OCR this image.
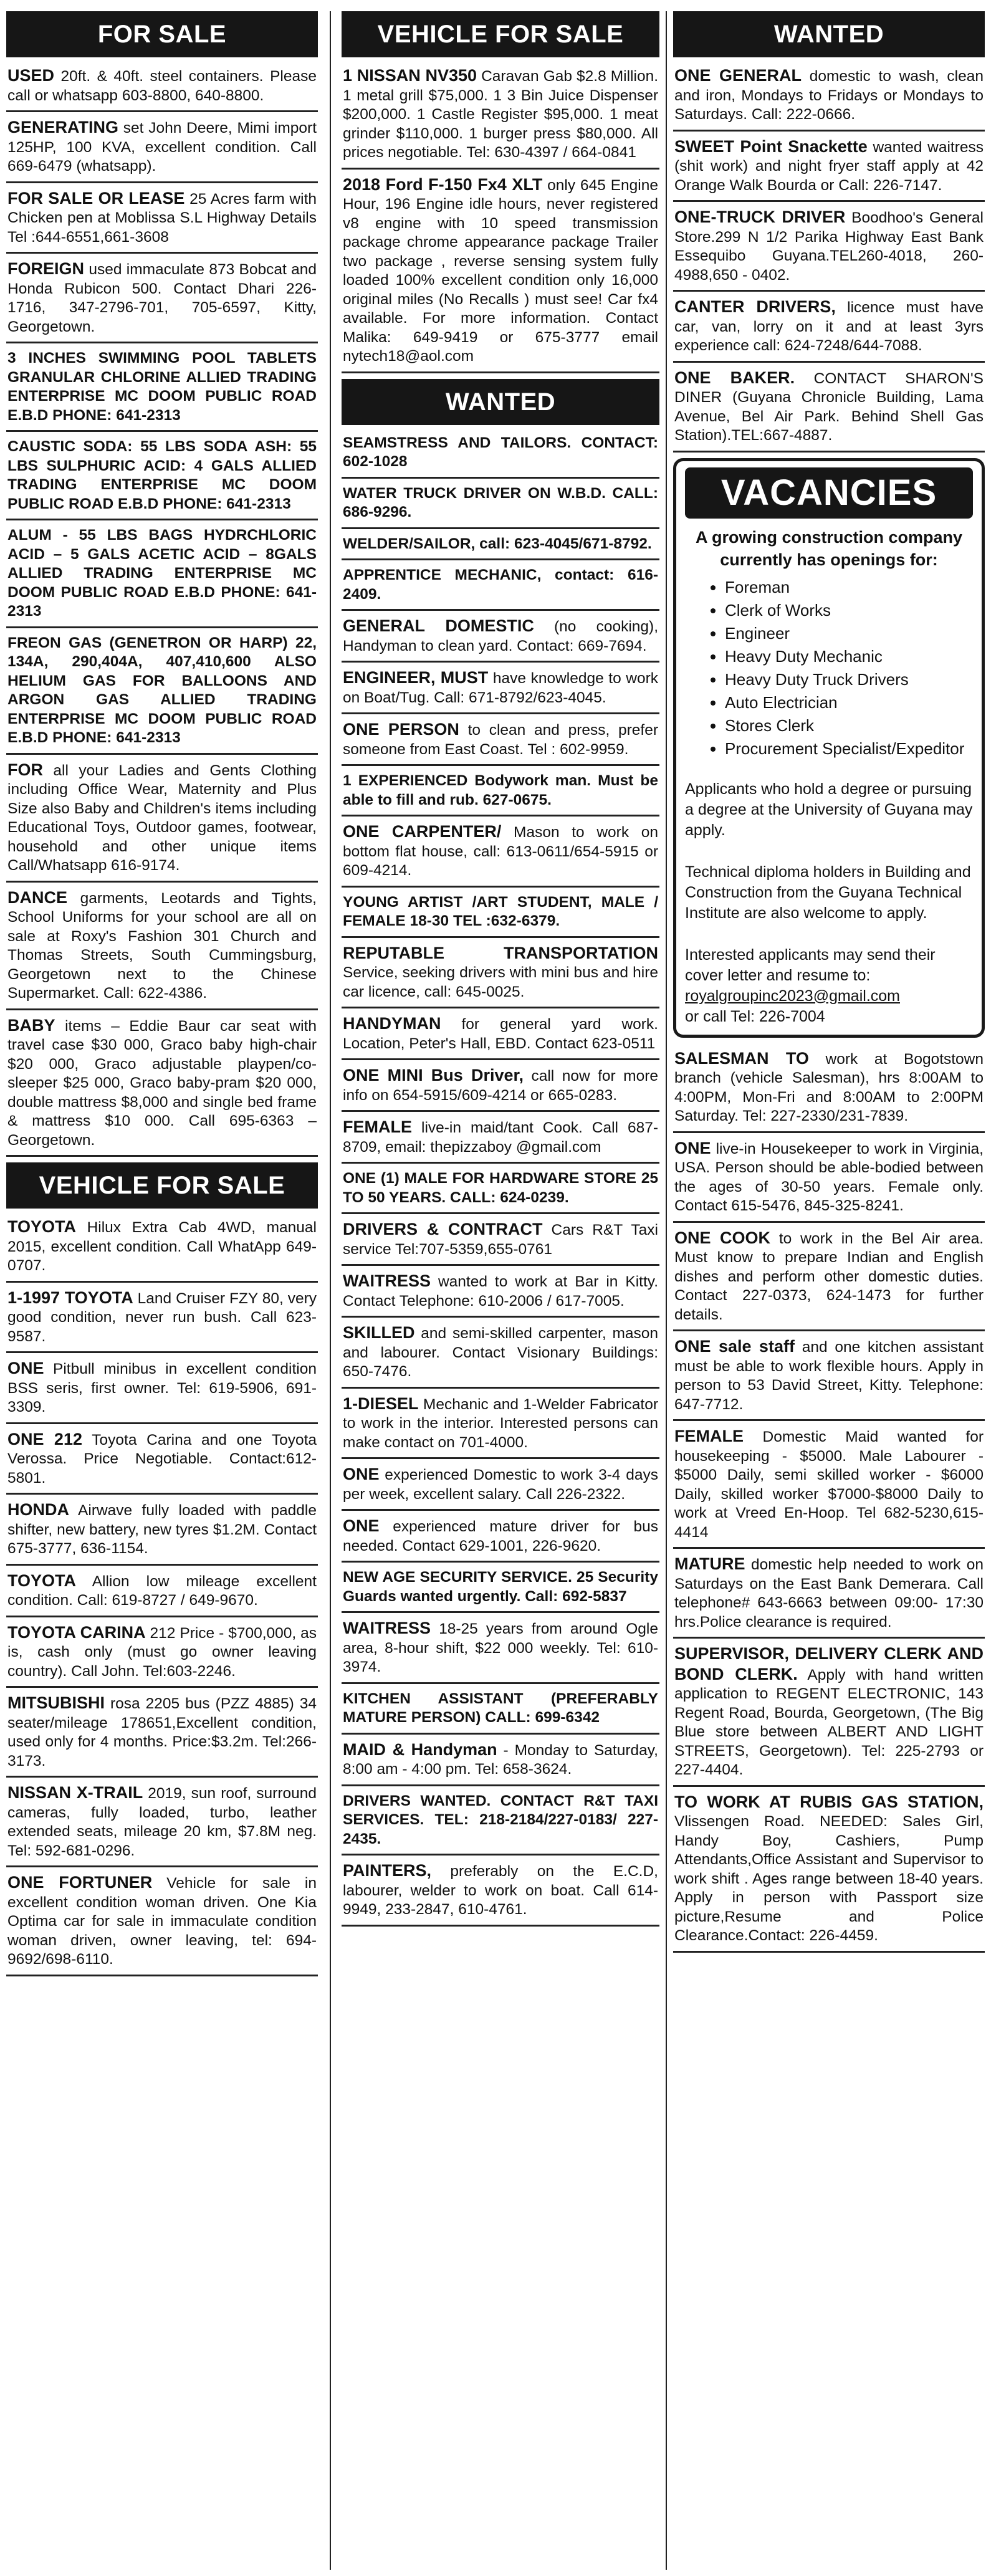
FOR SALE
USED 20ft. & 40ft. steel containers. Please call or whatsapp 603-8800, 640-8800.
GENERATING set John Deere, Mimi import 125HP, 100 KVA, excellent condition. Call 669-6479 (whatsapp).
FOR SALE OR LEASE 25 Acres farm with Chicken pen at Moblissa S.L Highway Details Tel :644-6551,661-3608
FOREIGN used immaculate 873 Bobcat and Honda Rubicon 500. Contact Dhari 226-1716, 347-2796-701, 705-6597, Kitty, Georgetown.
3 INCHES SWIMMING POOL TABLETS GRANULAR CHLORINE ALLIED TRADING ENTERPRISE MC DOOM PUBLIC ROAD E.B.D PHONE: 641-2313
CAUSTIC SODA: 55 LBS SODA ASH: 55 LBS SULPHURIC ACID: 4 GALS ALLIED TRADING ENTERPRISE MC DOOM PUBLIC ROAD E.B.D PHONE: 641-2313
ALUM - 55 LBS BAGS HYDRCHLORIC ACID – 5 GALS ACETIC ACID – 8GALS ALLIED TRADING ENTERPRISE MC DOOM PUBLIC ROAD E.B.D PHONE: 641-2313
FREON GAS (GENETRON OR HARP) 22, 134A, 290,404A, 407,410,600 ALSO HELIUM GAS FOR BALLOONS AND ARGON GAS ALLIED TRADING ENTERPRISE MC DOOM PUBLIC ROAD E.B.D PHONE: 641-2313
FOR all your Ladies and Gents Clothing including Office Wear, Maternity and Plus Size also Baby and Children's items including Educational Toys, Outdoor games, footwear, household and other unique items Call/Whatsapp 616-9174.
DANCE garments, Leotards and Tights, School Uniforms for your school are all on sale at Roxy's Fashion 301 Church and Thomas Streets, South Cummingsburg, Georgetown next to the Chinese Supermarket. Call: 622-4386.
BABY items – Eddie Baur car seat with travel case $30 000, Graco baby high-chair $20 000, Graco adjustable playpen/co-sleeper $25 000, Graco baby-pram $20 000, double mattress $8,000 and single bed frame & mattress $10 000. Call 695-6363 – Georgetown.
VEHICLE FOR SALE
TOYOTA Hilux Extra Cab 4WD, manual 2015, excellent condition. Call WhatApp 649-0707.
1-1997 TOYOTA Land Cruiser FZY 80, very good condition, never run bush. Call 623-9587.
ONE Pitbull minibus in excellent condition BSS seris, first owner. Tel: 619-5906, 691-3309.
ONE 212 Toyota Carina and one Toyota Verossa. Price Negotiable. Contact:612-5801.
HONDA Airwave fully loaded with paddle shifter, new battery, new tyres $1.2M. Contact 675-3777, 636-1154.
TOYOTA Allion low mileage excellent condition. Call: 619-8727 / 649-9670.
TOYOTA CARINA 212 Price - $700,000, as is, cash only (must go owner leaving country). Call John. Tel:603-2246.
MITSUBISHI rosa 2205 bus (PZZ 4885) 34 seater/mileage 178651,Excellent condition, used only for 4 months. Price:$3.2m. Tel:266-3173.
NISSAN X-TRAIL 2019, sun roof, surround cameras, fully loaded, turbo, leather extended seats, mileage 20 km, $7.8M neg. Tel: 592-681-0296.
ONE FORTUNER Vehicle for sale in excellent condition woman driven. One Kia Optima car for sale in immaculate condition woman driven, owner leaving, tel: 694-9692/698-6110.
VEHICLE FOR SALE
1 NISSAN NV350 Caravan Gab $2.8 Million. 1 metal grill $75,000. 1 3 Bin Juice Dispenser $200,000. 1 Castle Register $95,000. 1 meat grinder $110,000. 1 burger press $80,000. All prices negotiable. Tel: 630-4397 / 664-0841
2018 Ford F-150 Fx4 XLT only 645 Engine Hour, 196 Engine idle hours, never registered v8 engine with 10 speed transmission package chrome appearance package Trailer two package , reverse sensing system fully loaded 100% excellent condition only 16,000 original miles (No Recalls ) must see! Car fx4 available. For more information. Contact Malika: 649-9419 or 675-3777 email nytech18@aol.com
WANTED
SEAMSTRESS AND TAILORS. CONTACT: 602-1028
WATER TRUCK DRIVER ON W.B.D. CALL: 686-9296.
WELDER/SAILOR, call: 623-4045/671-8792.
APPRENTICE MECHANIC, contact: 616-2409.
GENERAL DOMESTIC (no cooking), Handyman to clean yard. Contact: 669-7694.
ENGINEER, MUST have knowledge to work on Boat/Tug. Call: 671-8792/623-4045.
ONE PERSON to clean and press, prefer someone from East Coast. Tel : 602-9959.
1 EXPERIENCED Bodywork man. Must be able to fill and rub. 627-0675.
ONE CARPENTER/ Mason to work on bottom flat house, call: 613-0611/654-5915 or 609-4214.
YOUNG ARTIST /ART STUDENT, MALE / FEMALE 18-30 TEL :632-6379.
REPUTABLE TRANSPORTATION Service, seeking drivers with mini bus and hire car licence, call: 645-0025.
HANDYMAN for general yard work. Location, Peter's Hall, EBD. Contact 623-0511
ONE MINI Bus Driver, call now for more info on 654-5915/609-4214 or 665-0283.
FEMALE live-in maid/tant Cook. Call 687-8709, email: thepizzaboy @gmail.com
ONE (1) MALE FOR HARDWARE STORE 25 TO 50 YEARS. CALL: 624-0239.
DRIVERS & CONTRACT Cars R&T Taxi service Tel:707-5359,655-0761
WAITRESS wanted to work at Bar in Kitty. Contact Telephone: 610-2006 / 617-7005.
SKILLED and semi-skilled carpenter, mason and labourer. Contact Visionary Buildings: 650-7476.
1-DIESEL Mechanic and 1-Welder Fabricator to work in the interior. Interested persons can make contact on 701-4000.
ONE experienced Domestic to work 3-4 days per week, excellent salary. Call 226-2322.
ONE experienced mature driver for bus needed. Contact 629-1001, 226-9620.
NEW AGE SECURITY SERVICE. 25 Security Guards wanted urgently. Call: 692-5837
WAITRESS 18-25 years from around Ogle area, 8-hour shift, $22 000 weekly. Tel: 610-3974.
KITCHEN ASSISTANT (PREFERABLY MATURE PERSON) CALL: 699-6342
MAID & Handyman - Monday to Saturday, 8:00 am - 4:00 pm. Tel: 658-3624.
DRIVERS WANTED. CONTACT R&T TAXI SERVICES. TEL: 218-2184/227-0183/ 227-2435.
PAINTERS, preferably on the E.C.D, labourer, welder to work on boat. Call 614-9949, 233-2847, 610-4761.
WANTED
ONE GENERAL domestic to wash, clean and iron, Mondays to Fridays or Mondays to Saturdays. Call: 222-0666.
SWEET Point Snackette wanted waitress (shit work) and night fryer staff apply at 42 Orange Walk Bourda or Call: 226-7147.
ONE-TRUCK DRIVER Boodhoo's General Store.299 N 1/2 Parika Highway East Bank Essequibo Guyana.TEL260-4018, 260-4988,650 - 0402.
CANTER DRIVERS, licence must have car, van, lorry on it and at least 3yrs experience call: 624-7248/644-7088.
ONE BAKER. CONTACT SHARON'S DINER (Guyana Chronicle Building, Lama Avenue, Bel Air Park. Behind Shell Gas Station).TEL:667-4887.
VACANCIES
A growing construction company currently has openings for:
• Foreman
• Clerk of Works
• Engineer
• Heavy Duty Mechanic
• Heavy Duty Truck Drivers
• Auto Electrician
• Stores Clerk
• Procurement Specialist/Expeditor

Applicants who hold a degree or pursuing a degree at the University of Guyana may apply.

Technical diploma holders in Building and Construction from the Guyana Technical Institute are also welcome to apply.

Interested applicants may send their cover letter and resume to:

royalgroupinc2023@gmail.com
or call Tel: 226-7004
SALESMAN TO work at Bogotstown branch (vehicle Salesman), hrs 8:00AM to 4:00PM, Mon-Fri and 8:00AM to 2:00PM Saturday. Tel: 227-2330/231-7839.
ONE live-in Housekeeper to work in Virginia, USA. Person should be able-bodied between the ages of 30-50 years. Female only. Contact 615-5476, 845-325-8241.
ONE COOK to work in the Bel Air area. Must know to prepare Indian and English dishes and perform other domestic duties. Contact 227-0373, 624-1473 for further details.
ONE sale staff and one kitchen assistant must be able to work flexible hours. Apply in person to 53 David Street, Kitty. Telephone: 647-7712.
FEMALE Domestic Maid wanted for housekeeping - $5000. Male Labourer - $5000 Daily, semi skilled worker - $6000 Daily, skilled worker $7000-$8000 Daily to work at Vreed En-Hoop. Tel 682-5230,615-4414
MATURE domestic help needed to work on Saturdays on the East Bank Demerara. Call telephone# 643-6663 between 09:00- 17:30 hrs.Police clearance is required.
SUPERVISOR, DELIVERY CLERK AND BOND CLERK. Apply with hand written application to REGENT ELECTRONIC, 143 Regent Road, Bourda, Georgetown, (The Big Blue store between ALBERT AND LIGHT STREETS, Georgetown). Tel: 225-2793 or 227-4404.
TO WORK AT RUBIS GAS STATION, Vlissengen Road. NEEDED: Sales Girl, Handy Boy, Cashiers, Pump Attendants,Office Assistant and Supervisor to work shift . Ages range between 18-40 years. Apply in person with Passport size picture,Resume and Police Clearance.Contact: 226-4459.
